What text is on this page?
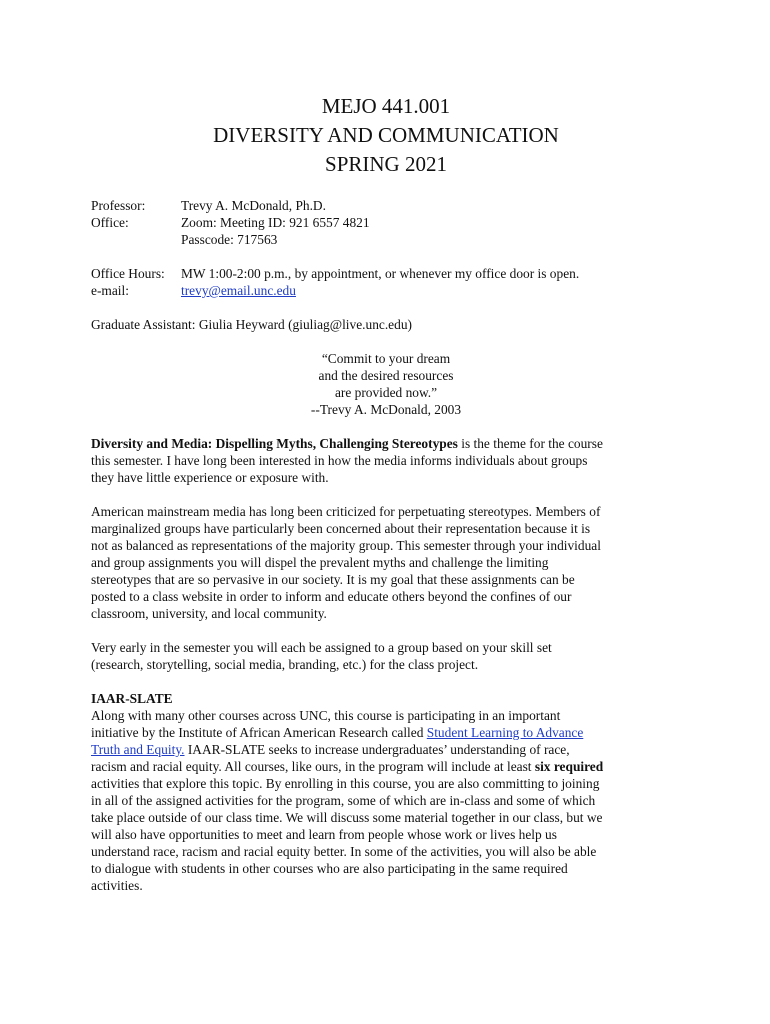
MEJO 441.001
DIVERSITY AND COMMUNICATION
SPRING 2021
Professor:	Trevy A. McDonald, Ph.D.
Office:	Zoom: Meeting ID: 921 6557 4821
Passcode: 717563
Office Hours:	MW 1:00-2:00 p.m., by appointment, or whenever my office door is open.
e-mail:	trevy@email.unc.edu
Graduate Assistant: Giulia Heyward (giuliag@live.unc.edu)
“Commit to your dream
and the desired resources
are provided now.”
--Trevy A. McDonald, 2003
Diversity and Media: Dispelling Myths, Challenging Stereotypes is the theme for the course
this semester. I have long been interested in how the media informs individuals about groups
they have little experience or exposure with.
American mainstream media has long been criticized for perpetuating stereotypes. Members of
marginalized groups have particularly been concerned about their representation because it is
not as balanced as representations of the majority group. This semester through your individual
and group assignments you will dispel the prevalent myths and challenge the limiting
stereotypes that are so pervasive in our society. It is my goal that these assignments can be
posted to a class website in order to inform and educate others beyond the confines of our
classroom, university, and local community.
Very early in the semester you will each be assigned to a group based on your skill set
(research, storytelling, social media, branding, etc.) for the class project.
IAAR-SLATE
Along with many other courses across UNC, this course is participating in an important
initiative by the Institute of African American Research called Student Learning to Advance
Truth and Equity. IAAR-SLATE seeks to increase undergraduates’ understanding of race,
racism and racial equity. All courses, like ours, in the program will include at least six required
activities that explore this topic. By enrolling in this course, you are also committing to joining
in all of the assigned activities for the program, some of which are in-class and some of which
take place outside of our class time. We will discuss some material together in our class, but we
will also have opportunities to meet and learn from people whose work or lives help us
understand race, racism and racial equity better. In some of the activities, you will also be able
to dialogue with students in other courses who are also participating in the same required
activities.
